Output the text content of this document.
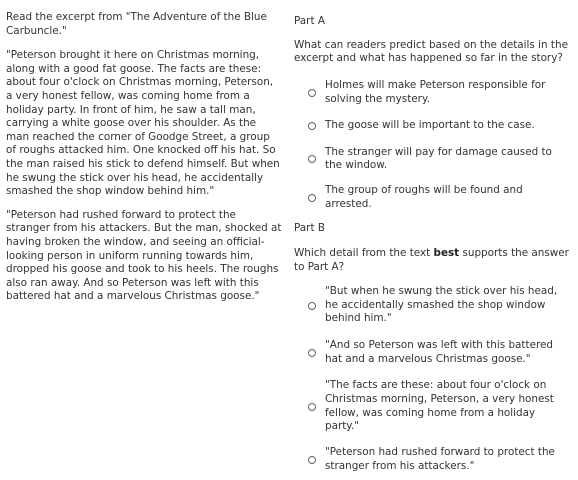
Read the excerpt from "The Adventure of the Blue Carbuncle."

"Peterson brought it here on Christmas morning, along with a good fat goose. The facts are these: about four o'clock on Christmas morning, Peterson, a very honest fellow, was coming home from a holiday party. In front of him, he saw a tall man, carrying a white goose over his shoulder. As the man reached the corner of Goodge Street, a group of roughs attacked him. One knocked off his hat. So the man raised his stick to defend himself. But when he swung the stick over his head, he accidentally smashed the shop window behind him."

"Peterson had rushed forward to protect the stranger from his attackers. But the man, shocked at having broken the window, and seeing an official-looking person in uniform running towards him, dropped his goose and took to his heels. The roughs also ran away. And so Peterson was left with this battered hat and a marvelous Christmas goose."

Part A
What can readers predict based on the details in the excerpt and what has happened so far in the story?
Holmes will make Peterson responsible for solving the mystery.
The goose will be important to the case.
The stranger will pay for damage caused to the window.
The group of roughs will be found and arrested.
Part B
Which detail from the text best supports the answer to Part A?
"But when he swung the stick over his head, he accidentally smashed the shop window behind him."
"And so Peterson was left with this battered hat and a marvelous Christmas goose."
"The facts are these: about four o'clock on Christmas morning, Peterson, a very honest fellow, was coming home from a holiday party."
"Peterson had rushed forward to protect the stranger from his attackers."
